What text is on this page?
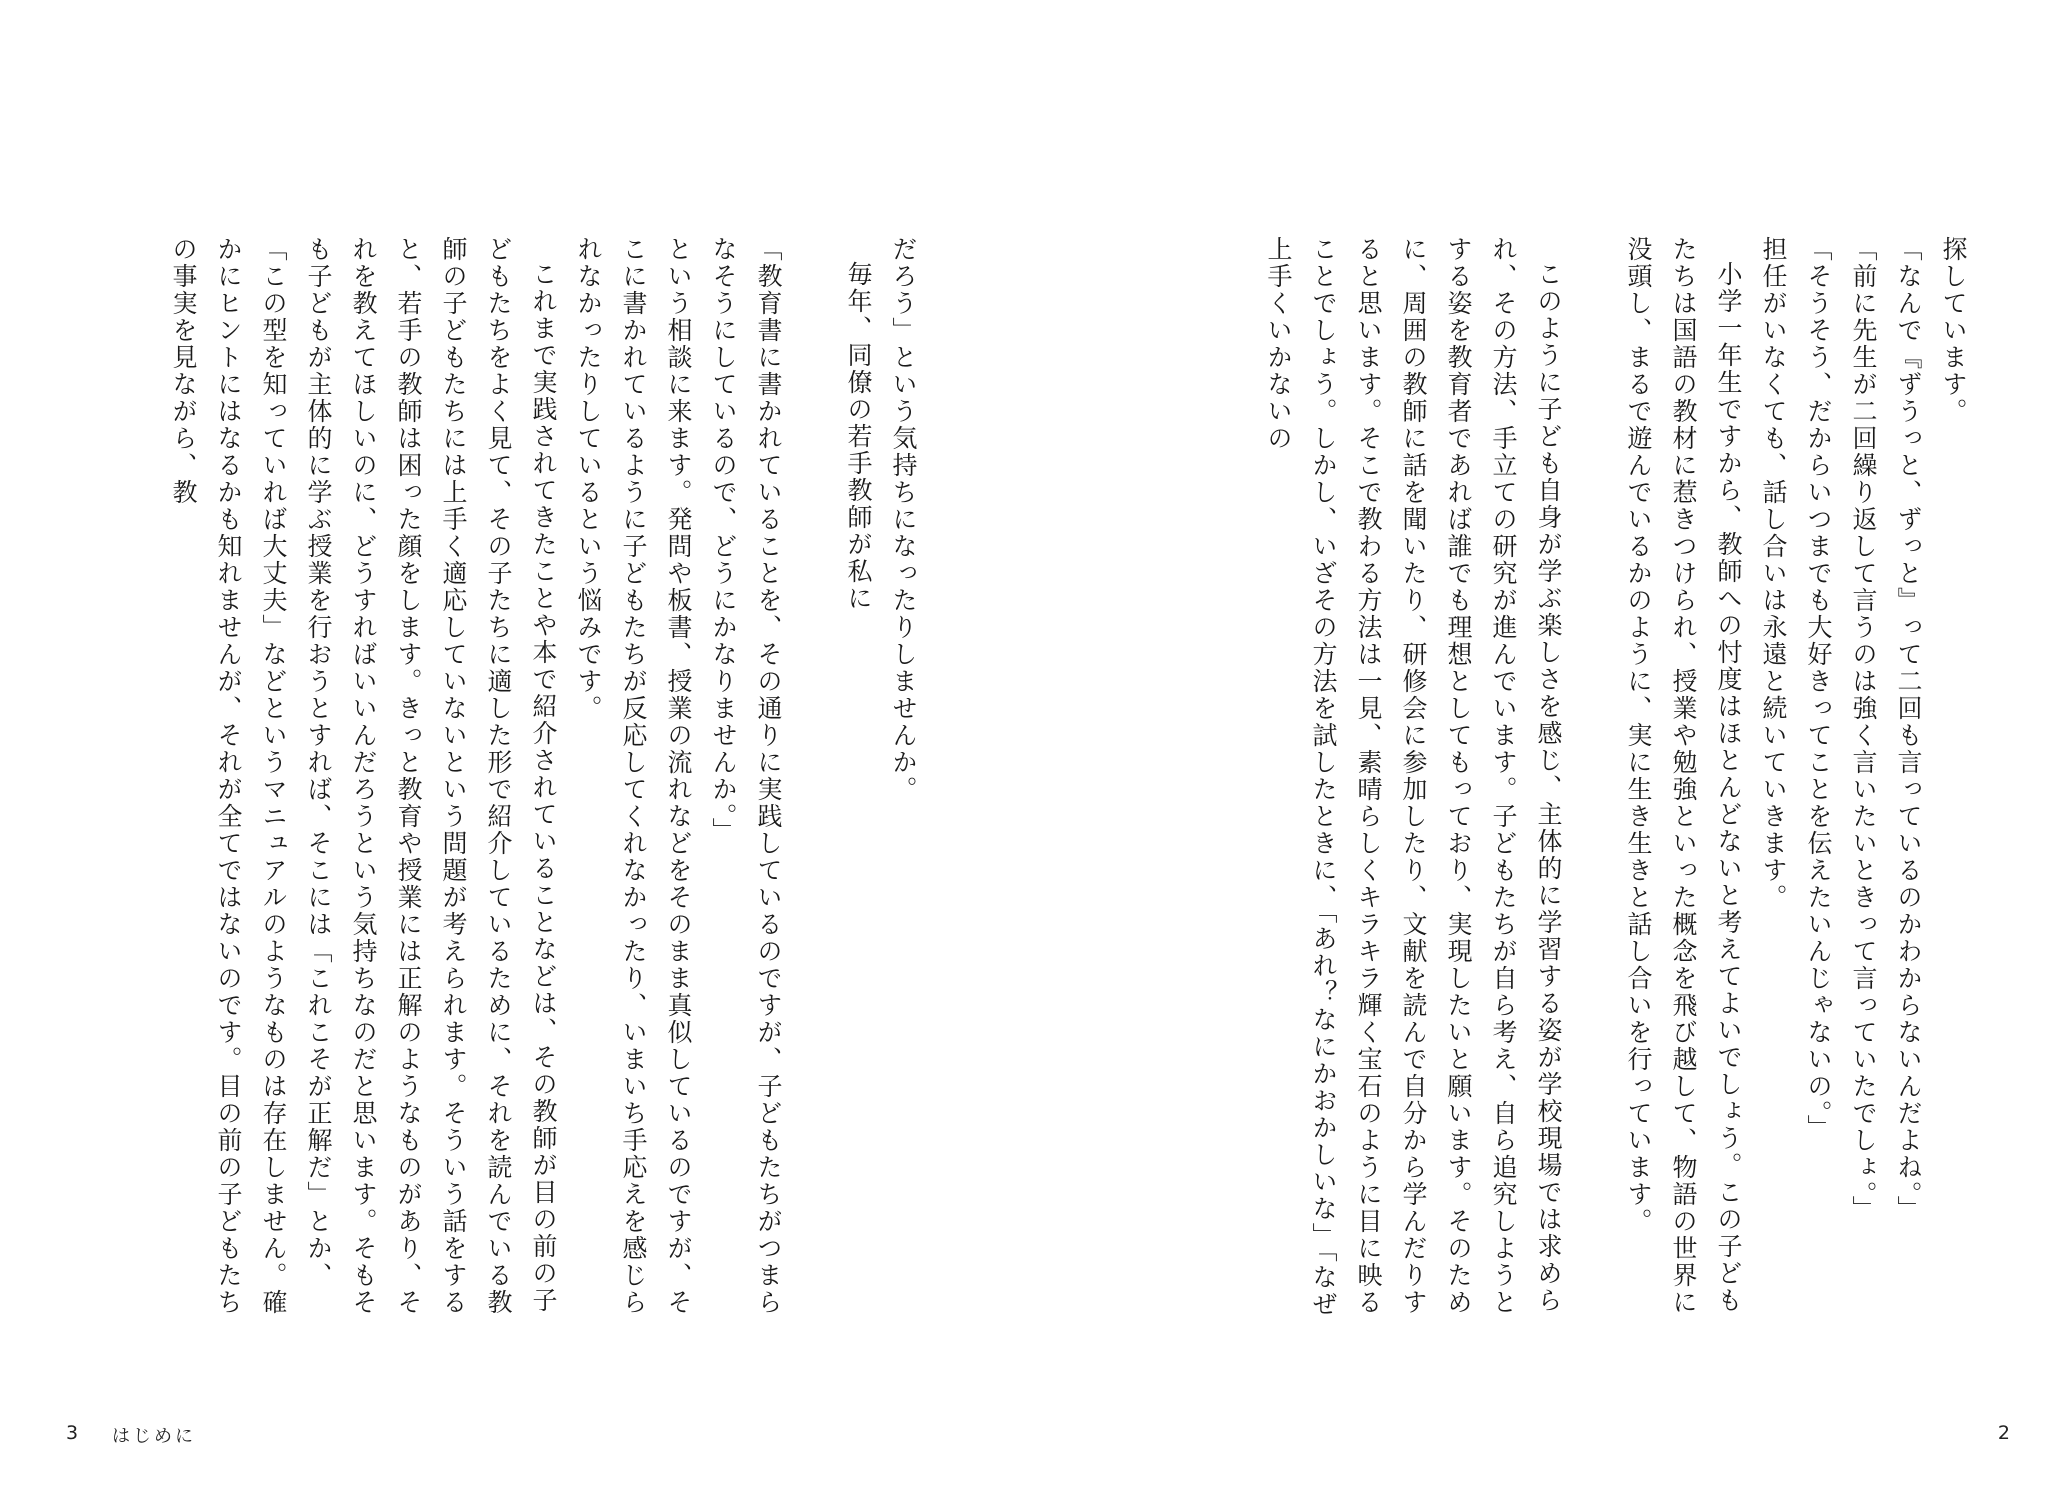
だろう」という気持ちになったりしませんか。

毎年、同僚の若手教師が私に

「教育書に書かれていることを、その通りに実践しているのですが、子どもたちがつまらなそうにしているので、どうにかなりませんか。」

という相談に来ます。発問や板書、授業の流れなどをそのまま真似しているのですが、そこに書かれているように子どもたちが反応してくれなかったり、いまいち手応えを感じられなかったりしているという悩みです。

これまで実践されてきたことや本で紹介されていることなどは、その教師が目の前の子どもたちをよく見て、その子たちに適した形で紹介しているために、それを読んでいる教師の子どもたちには上手く適応していないという問題が考えられます。そういう話をすると、若手の教師は困った顔をします。きっと教育や授業には正解のようなものがあり、それを教えてほしいのに、どうすればいいんだろうという気持ちなのだと思います。そもそも子どもが主体的に学ぶ授業を行おうとすれば、そこには「これこそが正解だ」とか、「この型を知っていれば大丈夫」などというマニュアルのようなものは存在しません。確かにヒントにはなるかも知れませんが、それが全てではないのです。目の前の子どもたちの事実を見ながら、教

3 はじめに

探しています。

「なんで『ずうっと、ずっと』って二回も言っているのかわからないんだよね。」

「前に先生が二回繰り返して言うのは強く言いたいときって言っていたでしょ。」

「そうそう、だからいつまでも大好きってことを伝えたいんじゃないの。」

担任がいなくても、話し合いは永遠と続いていきます。

小学一年生ですから、教師への忖度はほとんどないと考えてよいでしょう。この子どもたちは国語の教材に惹きつけられ、授業や勉強といった概念を飛び越して、物語の世界に没頭し、まるで遊んでいるかのように、実に生き生きと話し合いを行っています。

このように子ども自身が学ぶ楽しさを感じ、主体的に学習する姿が学校現場では求められ、その方法、手立ての研究が進んでいます。子どもたちが自ら考え、自ら追究しようとする姿を教育者であれば誰でも理想としてもっており、実現したいと願います。そのために、周囲の教師に話を聞いたり、研修会に参加したり、文献を読んで自分から学んだりすると思います。そこで教わる方法は一見、素晴らしくキラキラ輝く宝石のように目に映ることでしょう。しかし、いざその方法を試したときに、「あれ？なにかおかしいな」「なぜ上手くいかないの

2
